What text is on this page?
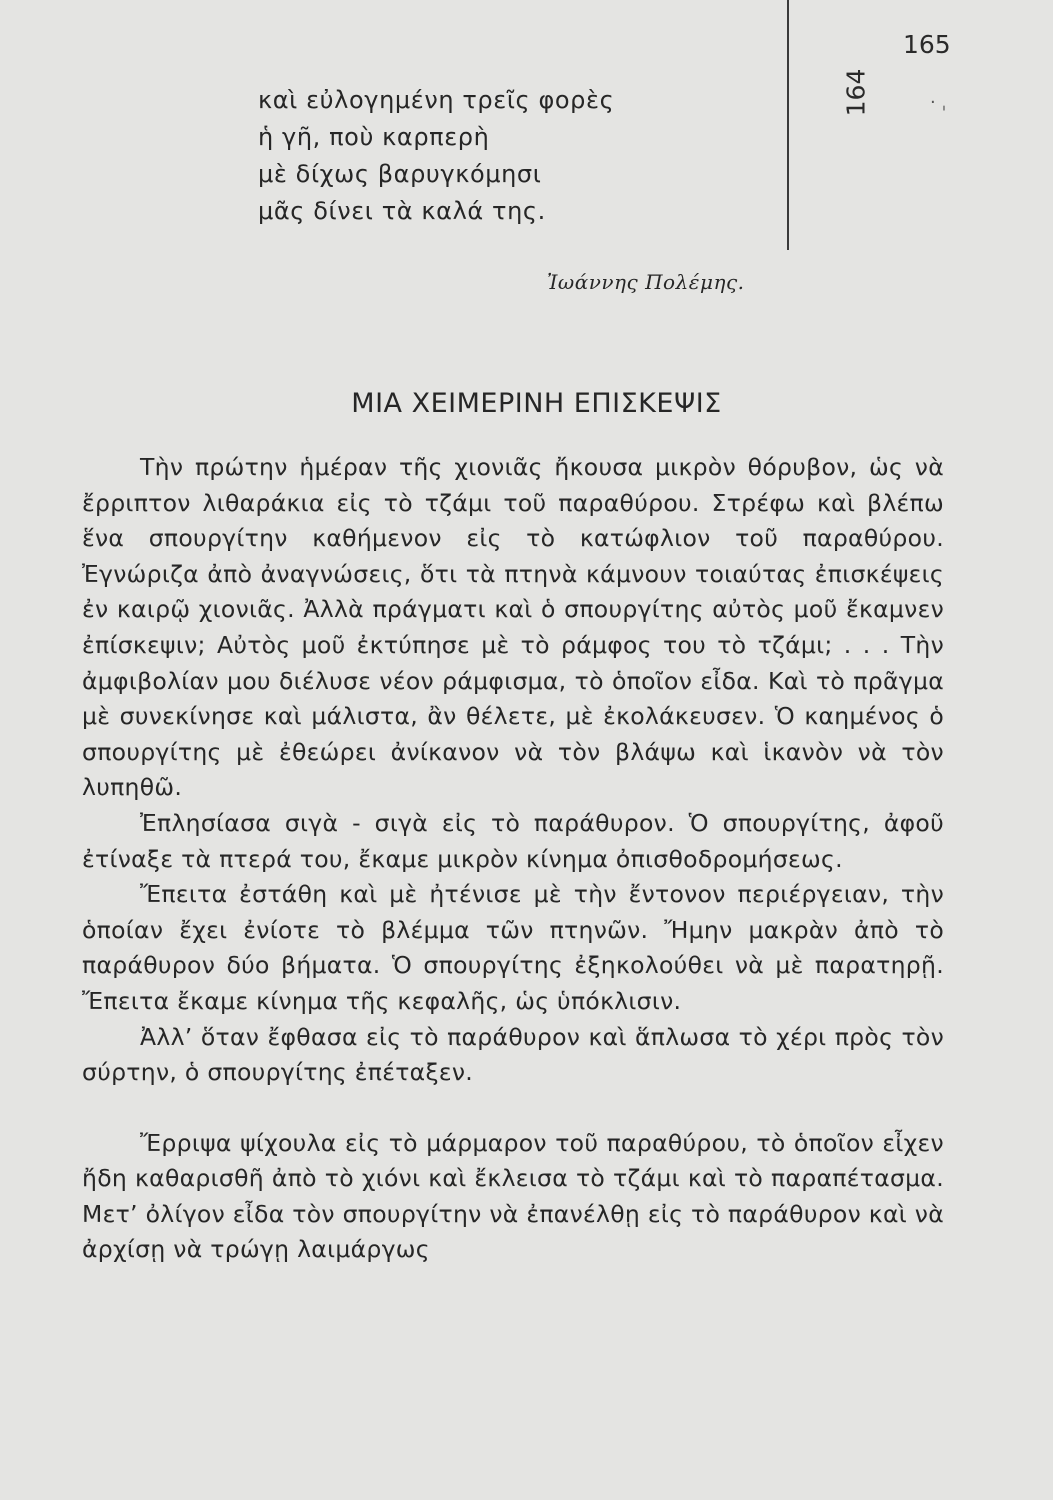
165
164	· ˌ
καὶ εὐλογημένη τρεῖς φορὲς
ἡ γῆ, ποὺ καρπερὴ
μὲ δίχως βαρυγκόμησι
μᾶς δίνει τὰ καλά της.
Ἰωάννης Πολέμης.
ΜΙΑ ΧΕΙΜΕΡΙΝΗ ΕΠΙΣΚΕΨΙΣ

Τὴν πρώτην ἡμέραν τῆς χιονιᾶς ἤκουσα μικρὸν θόρυβον, ὡς νὰ ἔρριπτον λιθαράκια εἰς τὸ τζάμι τοῦ παραθύρου. Στρέφω καὶ βλέπω ἕνα σπουργίτην καθήμενον εἰς τὸ κατώφλιον τοῦ παραθύρου. Ἐγνώριζα ἀπὸ ἀναγνώσεις, ὅτι τὰ πτηνὰ κάμνουν τοιαύτας ἐπισκέψεις ἐν καιρῷ χιονιᾶς. Ἀλλὰ πράγματι καὶ ὁ σπουργίτης αὐτὸς μοῦ ἔκαμνεν ἐπίσκεψιν; Αὐτὸς μοῦ ἐκτύπησε μὲ τὸ ράμφος του τὸ τζάμι; . . . Τὴν ἀμφιβολίαν μου διέλυσε νέον ράμφισμα, τὸ ὁποῖον εἶδα. Καὶ τὸ πρᾶγμα μὲ συνεκίνησε καὶ μάλιστα, ἂν θέλετε, μὲ ἐκολάκευσεν. Ὁ καημένος ὁ σπουργίτης μὲ ἐθεώρει ἀνίκανον νὰ τὸν βλάψω καὶ ἱκανὸν νὰ τὸν λυπηθῶ.

Ἐπλησίασα σιγὰ - σιγὰ εἰς τὸ παράθυρον. Ὁ σπουργίτης, ἀφοῦ ἐτίναξε τὰ πτερά του, ἔκαμε μικρὸν κίνημα ὀπισθοδρομήσεως.

Ἔπειτα ἐστάθη καὶ μὲ ἠτένισε μὲ τὴν ἔντονον περιέργειαν, τὴν ὁποίαν ἔχει ἐνίοτε τὸ βλέμμα τῶν πτηνῶν. Ἤμην μακρὰν ἀπὸ τὸ παράθυρον δύο βήματα. Ὁ σπουργίτης ἐξηκολούθει νὰ μὲ παρατηρῇ. Ἔπειτα ἔκαμε κίνημα τῆς κεφαλῆς, ὡς ὑπόκλισιν.

Ἀλλ’ ὅταν ἔφθασα εἰς τὸ παράθυρον καὶ ἅπλωσα τὸ χέρι πρὸς τὸν σύρτην, ὁ σπουργίτης ἐπέταξεν.

Ἔρριψα ψίχουλα εἰς τὸ μάρμαρον τοῦ παραθύρου, τὸ ὁποῖον εἶχεν ἤδη καθαρισθῆ ἀπὸ τὸ χιόνι καὶ ἔκλεισα τὸ τζάμι καὶ τὸ παραπέτασμα. Μετ’ ὀλίγον εἶδα τὸν σπουργίτην νὰ ἐπανέλθῃ εἰς τὸ παράθυρον καὶ νὰ ἀρχίσῃ νὰ τρώγῃ λαιμάργως
